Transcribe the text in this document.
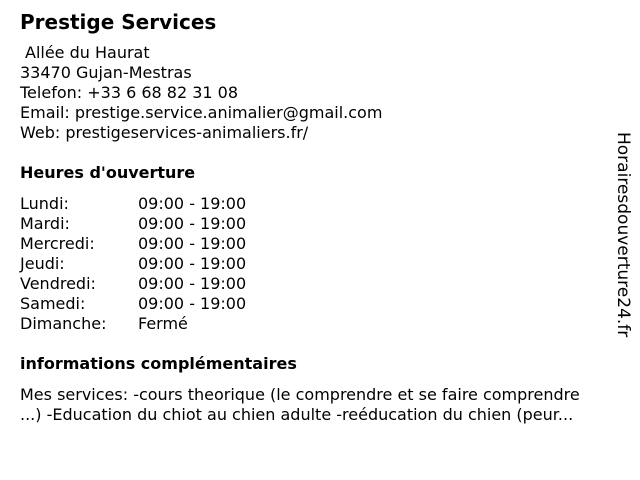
Prestige Services
Allée du Haurat
33470 Gujan-Mestras
Telefon: +33 6 68 82 31 08
Email: prestige.service.animalier@gmail.com
Web: prestigeservices-animaliers.fr/
Heures d'ouverture
Lundi:	09:00 - 19:00
Mardi:	09:00 - 19:00
Mercredi:	09:00 - 19:00
Jeudi:	09:00 - 19:00
Vendredi:	09:00 - 19:00
Samedi:	09:00 - 19:00
Dimanche: Fermé
informations complémentaires
Mes services: -cours theorique (le comprendre et se faire comprendre
...) -Education du chiot au chien adulte -reéducation du chien (peur...
Horairesdouverture24.fr
